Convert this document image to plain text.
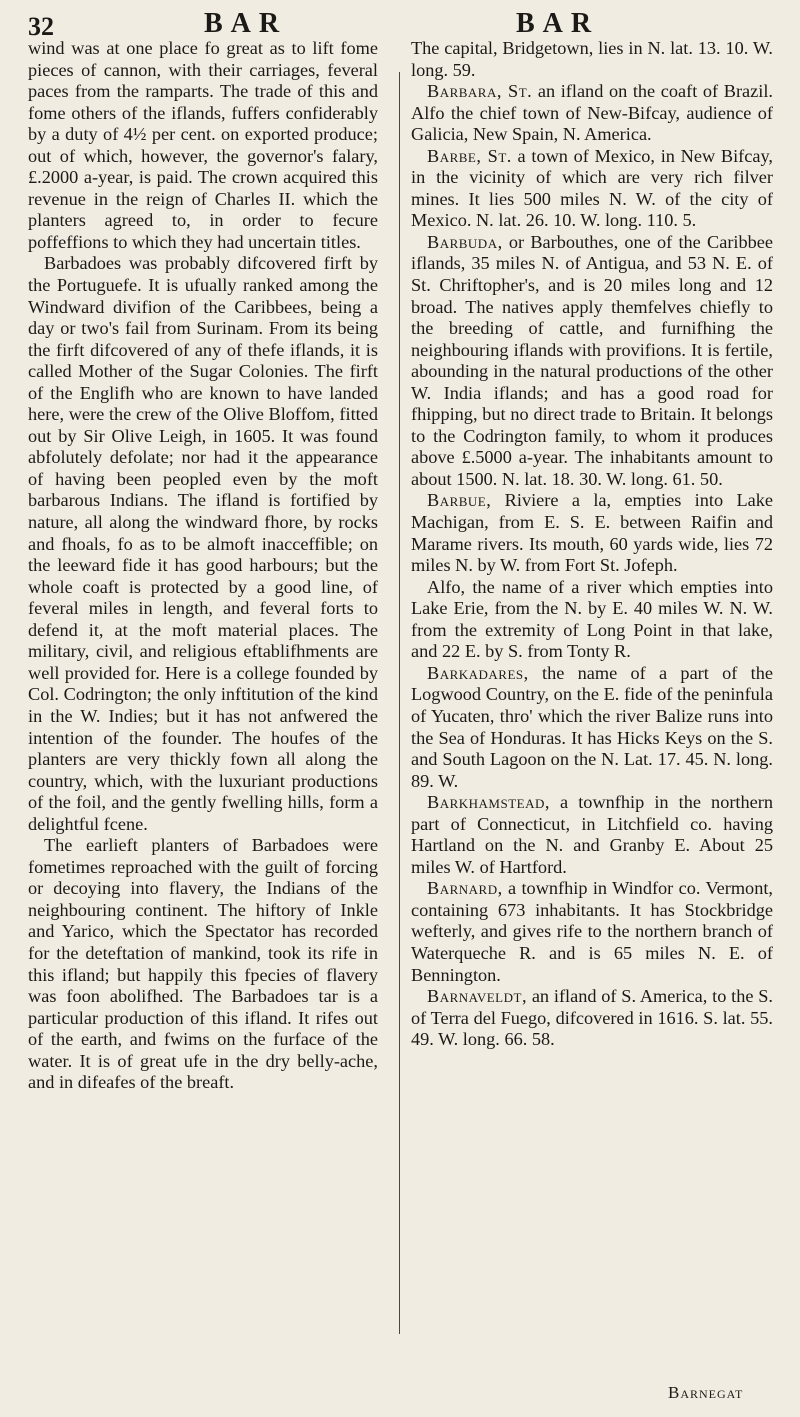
32	BAR	BAR

wind was at one place fo great as to lift fome pieces of cannon, with their carriages, feveral paces from the ramparts. The trade of this and fome others of the iflands, fuffers confiderably by a duty of 4½ per cent. on exported produce; out of which, however, the governor's falary, £.2000 a-year, is paid. The crown acquired this revenue in the reign of Charles II. which the planters agreed to, in order to fecure poffeffions to which they had uncertain titles.

Barbadoes was probably difcovered firft by the Portuguefe. It is ufually ranked among the Windward divifion of the Caribbees, being a day or two's fail from Surinam. From its being the firft difcovered of any of thefe iflands, it is called Mother of the Sugar Colonies. The firft of the Englifh who are known to have landed here, were the crew of the Olive Bloffom, fitted out by Sir Olive Leigh, in 1605. It was found abfolutely defolate; nor had it the appearance of having been peopled even by the moft barbarous Indians. The ifland is fortified by nature, all along the windward fhore, by rocks and fhoals, fo as to be almoft inacceffible; on the leeward fide it has good harbours; but the whole coaft is protected by a good line, of feveral miles in length, and feveral forts to defend it, at the moft material places. The military, civil, and religious eftablifhments are well provided for. Here is a college founded by Col. Codrington; the only inftitution of the kind in the W. Indies; but it has not anfwered the intention of the founder. The houfes of the planters are very thickly fown all along the country, which, with the luxuriant productions of the foil, and the gently fwelling hills, form a delightful fcene.

The earlieft planters of Barbadoes were fometimes reproached with the guilt of forcing or decoying into flavery, the Indians of the neighbouring continent. The hiftory of Inkle and Yarico, which the Spectator has recorded for the deteftation of mankind, took its rife in this ifland; but happily this fpecies of flavery was foon abolifhed. The Barbadoes tar is a particular production of this ifland. It rifes out of the earth, and fwims on the furface of the water. It is of great ufe in the dry belly-ache, and in difeafes of the breaft.

The capital, Bridgetown, lies in N. lat. 13. 10. W. long. 59.

Barbara, St. an ifland on the coaft of Brazil. Alfo the chief town of New-Bifcay, audience of Galicia, New Spain, N. America.

Barbe, St. a town of Mexico, in New Bifcay, in the vicinity of which are very rich filver mines. It lies 500 miles N. W. of the city of Mexico. N. lat. 26. 10. W. long. 110. 5.

Barbuda, or Barbouthes, one of the Caribbee iflands, 35 miles N. of Antigua, and 53 N. E. of St. Chriftopher's, and is 20 miles long and 12 broad. The natives apply themfelves chiefly to the breeding of cattle, and furnifhing the neighbouring iflands with provifions. It is fertile, abounding in the natural productions of the other W. India iflands; and has a good road for fhipping, but no direct trade to Britain. It belongs to the Codrington family, to whom it produces above £.5000 a-year. The inhabitants amount to about 1500. N. lat. 18. 30. W. long. 61. 50.

Barbue, Riviere a la, empties into Lake Machigan, from E. S. E. between Raifin and Marame rivers. Its mouth, 60 yards wide, lies 72 miles N. by W. from Fort St. Jofeph.

Alfo, the name of a river which empties into Lake Erie, from the N. by E. 40 miles W. N. W. from the extremity of Long Point in that lake, and 22 E. by S. from Tonty R.

Barkadares, the name of a part of the Logwood Country, on the E. fide of the peninfula of Yucaten, thro' which the river Balize runs into the Sea of Honduras. It has Hicks Keys on the S. and South Lagoon on the N. Lat. 17. 45. N. long. 89. W.

Barkhamstead, a townfhip in the northern part of Connecticut, in Litchfield co. having Hartland on the N. and Granby E. About 25 miles W. of Hartford.

Barnard, a townfhip in Windfor co. Vermont, containing 673 inhabitants. It has Stockbridge wefterly, and gives rife to the northern branch of Waterqueche R. and is 65 miles N. E. of Bennington.

Barnaveldt, an ifland of S. America, to the S. of Terra del Fuego, difcovered in 1616. S. lat. 55. 49. W. long. 66. 58.

Barnegat
